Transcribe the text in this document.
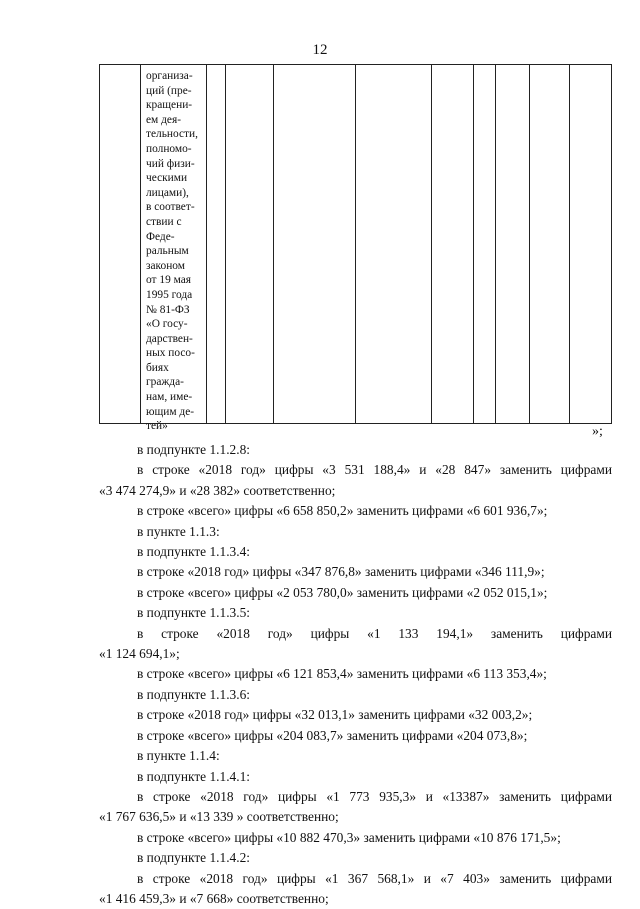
12
организа-
ций (пре-
кращени-
ем дея-
тельности,
полномо-
чий физи-
ческими
лицами),
в соответ-
ствии с
Феде-
ральным
законом
от 19 мая
1995 года
№ 81-ФЗ
«О госу-
дарствен-
ных посо-
биях
гражда-
нам, име-
ющим де-
тей»	»;
в подпункте 1.1.2.8:
в строке «2018 год» цифры «3 531 188,4» и «28 847» заменить цифрами
«3 474 274,9» и «28 382» соответственно;
в строке «всего» цифры «6 658 850,2» заменить цифрами «6 601 936,7»;
в пункте 1.1.3:
в подпункте 1.1.3.4:
в строке «2018 год» цифры «347 876,8» заменить цифрами «346 111,9»;
в строке «всего» цифры «2 053 780,0» заменить цифрами «2 052 015,1»;
в подпункте 1.1.3.5:
в строке «2018 год» цифры «1 133 194,1» заменить цифрами
«1 124 694,1»;
в строке «всего» цифры «6 121 853,4» заменить цифрами «6 113 353,4»;
в подпункте 1.1.3.6:
в строке «2018 год» цифры «32 013,1» заменить цифрами «32 003,2»;
в строке «всего» цифры «204 083,7» заменить цифрами «204 073,8»;
в пункте 1.1.4:
в подпункте 1.1.4.1:
в строке «2018 год» цифры «1 773 935,3» и «13387» заменить цифрами
«1 767 636,5» и «13 339 » соответственно;
в строке «всего» цифры «10 882 470,3» заменить цифрами «10 876 171,5»;
в подпункте 1.1.4.2:
в строке «2018 год» цифры «1 367 568,1» и «7 403» заменить цифрами
«1 416 459,3» и «7 668» соответственно;
